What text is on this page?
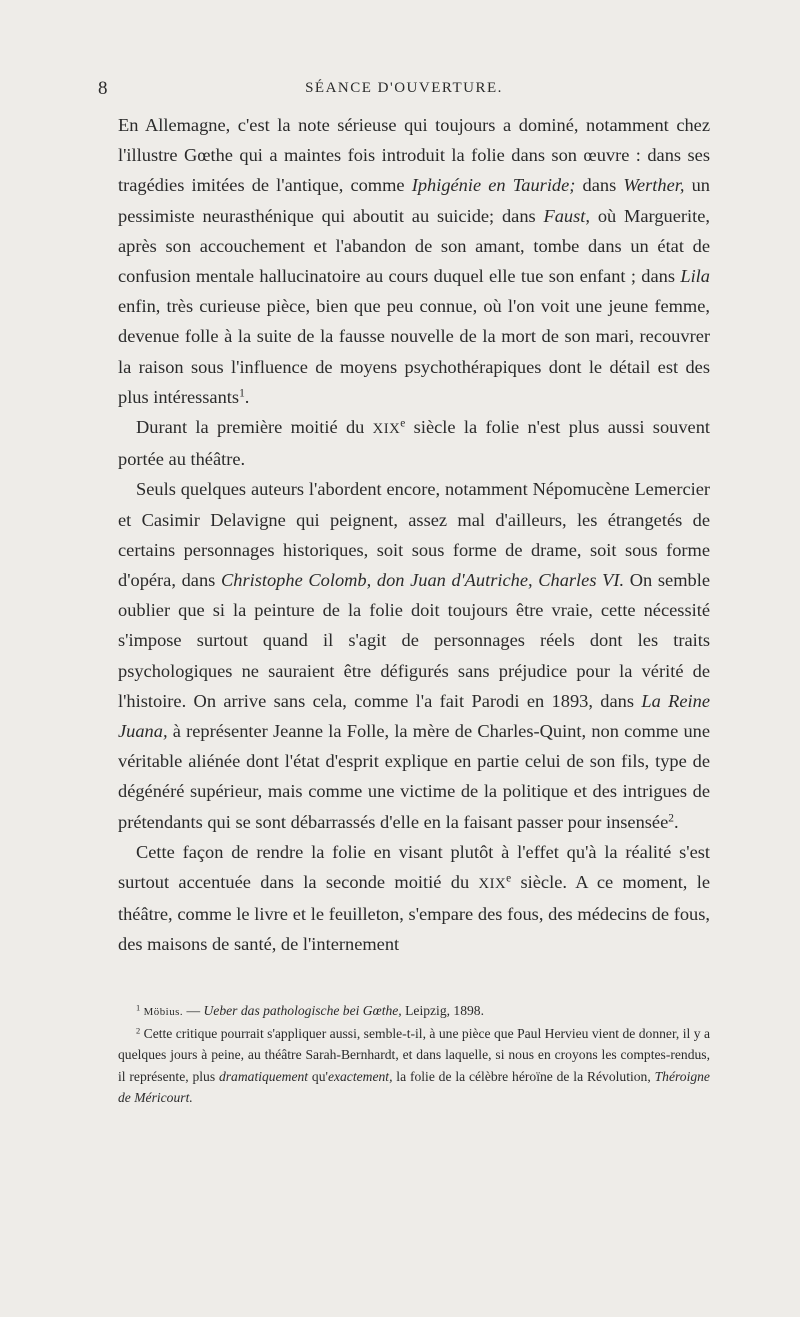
8	SÉANCE D'OUVERTURE.

En Allemagne, c'est la note sérieuse qui toujours a dominé, notamment chez l'illustre Gœthe qui a maintes fois introduit la folie dans son œuvre : dans ses tragédies imitées de l'antique, comme Iphigénie en Tauride; dans Werther, un pessimiste neurasthénique qui aboutit au suicide; dans Faust, où Marguerite, après son accouchement et l'abandon de son amant, tombe dans un état de confusion mentale hallucinatoire au cours duquel elle tue son enfant ; dans Lila enfin, très curieuse pièce, bien que peu connue, où l'on voit une jeune femme, devenue folle à la suite de la fausse nouvelle de la mort de son mari, recouvrer la raison sous l'influence de moyens psychothérapiques dont le détail est des plus intéressants$^1$.

Durant la première moitié du XIXe siècle la folie n'est plus aussi souvent portée au théâtre.

Seuls quelques auteurs l'abordent encore, notamment Népomucène Lemercier et Casimir Delavigne qui peignent, assez mal d'ailleurs, les étrangetés de certains personnages historiques, soit sous forme de drame, soit sous forme d'opéra, dans Christophe Colomb, don Juan d'Autriche, Charles VI. On semble oublier que si la peinture de la folie doit toujours être vraie, cette nécessité s'impose surtout quand il s'agit de personnages réels dont les traits psychologiques ne sauraient être défigurés sans préjudice pour la vérité de l'histoire. On arrive sans cela, comme l'a fait Parodi en 1893, dans La Reine Juana, à représenter Jeanne la Folle, la mère de Charles-Quint, non comme une véritable aliénée dont l'état d'esprit explique en partie celui de son fils, type de dégénéré supérieur, mais comme une victime de la politique et des intrigues de prétendants qui se sont débarrassés d'elle en la faisant passer pour insensée$^2$.

Cette façon de rendre la folie en visant plutôt à l'effet qu'à la réalité s'est surtout accentuée dans la seconde moitié du XIXe siècle. A ce moment, le théâtre, comme le livre et le feuilleton, s'empare des fous, des médecins de fous, des maisons de santé, de l'internement

$^1$ Möbius. — Ueber das pathologische bei Gœthe, Leipzig, 1898.

$^2$ Cette critique pourrait s'appliquer aussi, semble-t-il, à une pièce que Paul Hervieu vient de donner, il y a quelques jours à peine, au théâtre Sarah-Bernhardt, et dans laquelle, si nous en croyons les comptes-rendus, il représente, plus dramatiquement qu'exactement, la folie de la célèbre héroïne de la Révolution, Théroigne de Méricourt.
